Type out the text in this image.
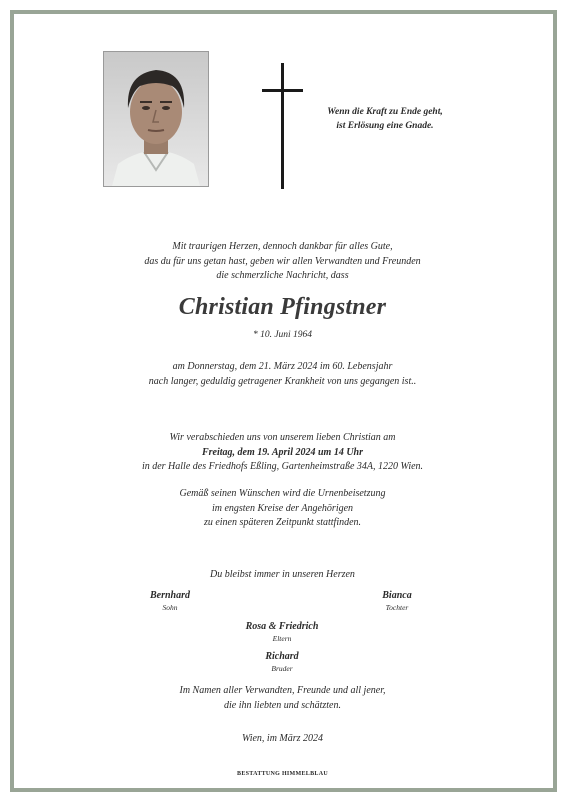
Wenn die Kraft zu Ende geht,
ist Erlösung eine Gnade.
Mit traurigen Herzen, dennoch dankbar für alles Gute,
das du für uns getan hast, geben wir allen Verwandten und Freunden
die schmerzliche Nachricht, dass
Christian Pfingstner
* 10. Juni 1964
am Donnerstag, dem 21. März 2024 im 60. Lebensjahr
nach langer, geduldig getragener Krankheit von uns gegangen ist..
Wir verabschieden uns von unserem lieben Christian am
Freitag, dem 19. April 2024 um 14 Uhr
in der Halle des Friedhofs Eßling, Gartenheimstraße 34A, 1220 Wien.
Gemäß seinen Wünschen wird die Urnenbeisetzung
im engsten Kreise der Angehörigen
zu einen späteren Zeitpunkt stattfinden.
Du bleibst immer in unseren Herzen
Bernhard
Sohn
Bianca
Tochter
Rosa & Friedrich
Eltern
Richard
Bruder
Im Namen aller Verwandten, Freunde und all jener,
die ihn liebten und schätzten.
Wien, im März 2024
BESTATTUNG HIMMELBLAU
